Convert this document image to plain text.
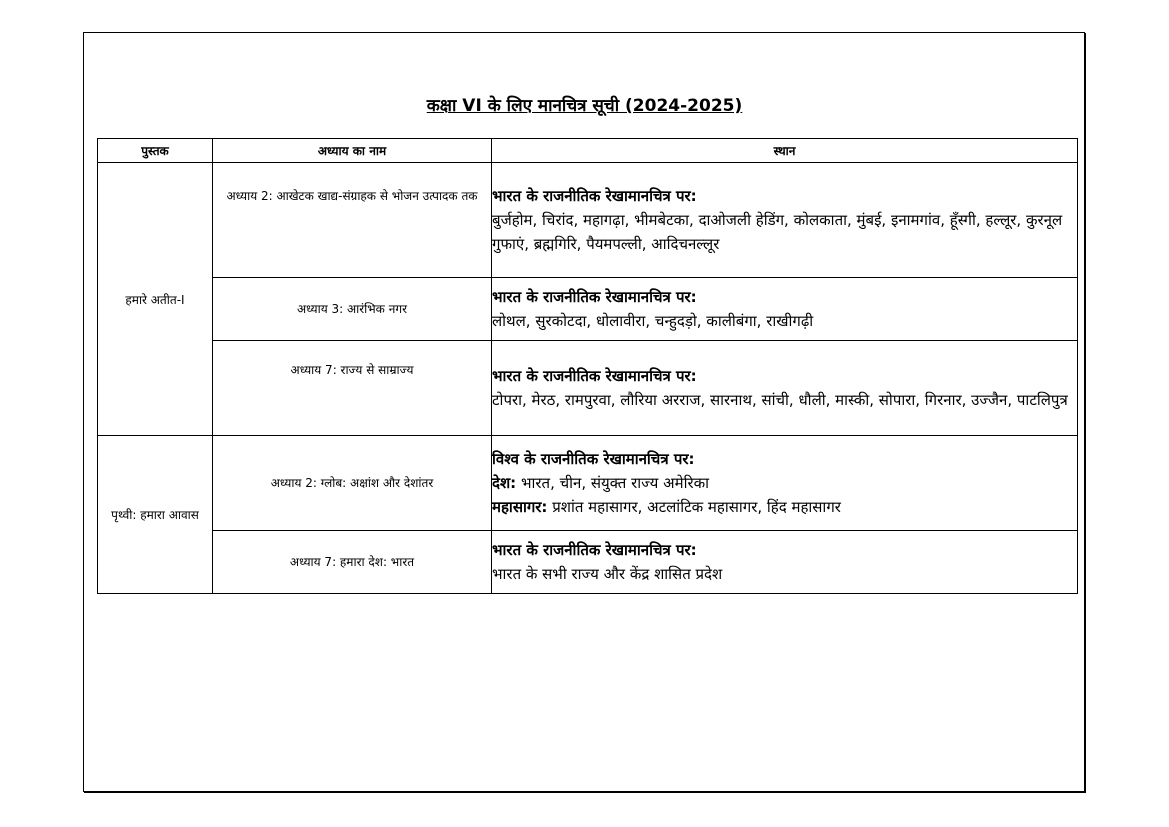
कक्षा VI के लिए मानचित्र सूची (2024-2025)
पुस्तक	अध्याय का नाम	स्थान
हमारे अतीत-I	अध्याय 2: आखेटक खाद्य-संग्राहक से भोजन उत्पादक तक	भारत के राजनीतिक रेखामानचित्र पर:
बुर्जहोम, चिरांद, महागढ़ा, भीमबेटका, दाओजली हेडिंग, कोलकाता, मुंबई, इनामगांव, हूँस्गी, हल्लूर, कुरनूल गुफाएं, ब्रह्मगिरि, पैयमपल्ली, आदिचनल्लूर
	अध्याय 3: आरंभिक नगर	भारत के राजनीतिक रेखामानचित्र पर:
लोथल, सुरकोटदा, धोलावीरा, चन्हुदड़ो, कालीबंगा, राखीगढ़ी
	अध्याय 7: राज्य से साम्राज्य	भारत के राजनीतिक रेखामानचित्र पर:
टोपरा, मेरठ, रामपुरवा, लौरिया अरराज, सारनाथ, सांची, धौली, मास्की, सोपारा, गिरनार, उज्जैन, पाटलिपुत्र
पृथ्वी: हमारा आवास	अध्याय 2: ग्लोब: अक्षांश और देशांतर	विश्व के राजनीतिक रेखामानचित्र पर:
देश: भारत, चीन, संयुक्त राज्य अमेरिका
महासागर: प्रशांत महासागर, अटलांटिक महासागर, हिंद महासागर
	अध्याय 7: हमारा देश: भारत	भारत के राजनीतिक रेखामानचित्र पर:
भारत के सभी राज्य और केंद्र शासित प्रदेश
